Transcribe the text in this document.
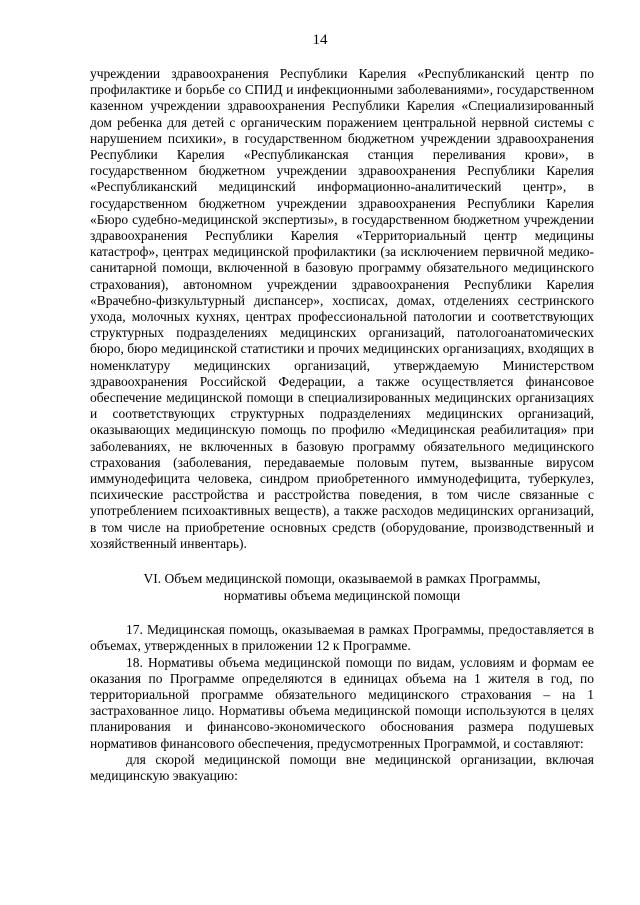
14

учреждении здравоохранения Республики Карелия «Республиканский центр по профилактике и борьбе со СПИД и инфекционными заболеваниями», государственном казенном учреждении здравоохранения Республики Карелия «Специализированный дом ребенка для детей с органическим поражением центральной нервной системы с нарушением психики», в государственном бюджетном учреждении здравоохранения Республики Карелия «Республиканская станция переливания крови», в государственном бюджетном учреждении здравоохранения Республики Карелия «Республиканский медицинский информационно-аналитический центр», в государственном бюджетном учреждении здравоохранения Республики Карелия «Бюро судебно-медицинской экспертизы», в государственном бюджетном учреждении здравоохранения Республики Карелия «Территориальный центр медицины катастроф», центрах медицинской профилактики (за исключением первичной медико-санитарной помощи, включенной в базовую программу обязательного медицинского страхования), автономном учреждении здравоохранения Республики Карелия «Врачебно-физкультурный диспансер», хосписах, домах, отделениях сестринского ухода, молочных кухнях, центрах профессиональной патологии и соответствующих структурных подразделениях медицинских организаций, патологоанатомических бюро, бюро медицинской статистики и прочих медицинских организациях, входящих в номенклатуру медицинских организаций, утверждаемую Министерством здравоохранения Российской Федерации, а также осуществляется финансовое обеспечение медицинской помощи в специализированных медицинских организациях и соответствующих структурных подразделениях медицинских организаций, оказывающих медицинскую помощь по профилю «Медицинская реабилитация» при заболеваниях, не включенных в базовую программу обязательного медицинского страхования (заболевания, передаваемые половым путем, вызванные вирусом иммунодефицита человека, синдром приобретенного иммунодефицита, туберкулез, психические расстройства и расстройства поведения, в том числе связанные с употреблением психоактивных веществ), а также расходов медицинских организаций, в том числе на приобретение основных средств (оборудование, производственный и хозяйственный инвентарь).

VI. Объем медицинской помощи, оказываемой в рамках Программы,
нормативы объема медицинской помощи

17. Медицинская помощь, оказываемая в рамках Программы, предоставляется в объемах, утвержденных в приложении 12 к Программе.

18. Нормативы объема медицинской помощи по видам, условиям и формам ее оказания по Программе определяются в единицах объема на 1 жителя в год, по территориальной программе обязательного медицинского страхования – на 1 застрахованное лицо. Нормативы объема медицинской помощи используются в целях планирования и финансово-экономического обоснования размера подушевых нормативов финансового обеспечения, предусмотренных Программой, и составляют:

для скорой медицинской помощи вне медицинской организации, включая медицинскую эвакуацию:
